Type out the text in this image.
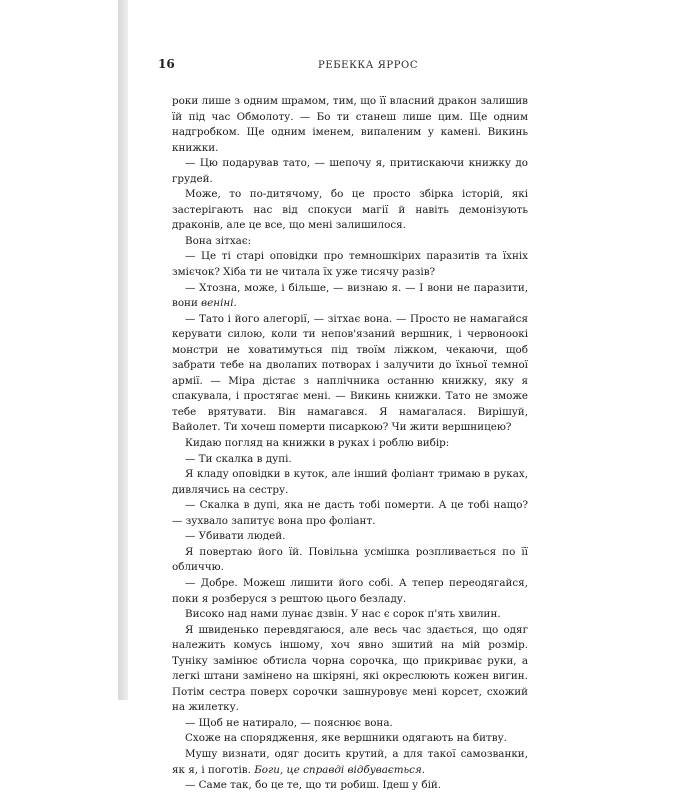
16	РЕБЕККА ЯРРОС

роки лише з одним шрамом, тим, що її власний дракон залишив їй під час Обмолоту. — Бо ти станеш лише цим. Ще одним надгробком. Ще одним іменем, випаленим у камені. Викинь книжки.

— Цю подарував тато, — шепочу я, притискаючи книжку до грудей.

Може, то по-дитячому, бо це просто збірка історій, які застерігають нас від спокуси магії й навіть демонізують драконів, але це все, що мені залишилося.

Вона зітхає:

— Це ті старі оповідки про темношкірих паразитів та їхніх змієчок? Хіба ти не читала їх уже тисячу разів?

— Хтозна, може, і більше, — визнаю я. — І вони не паразити, вони венінi.

— Тато і його алегорії, — зітхає вона. — Просто не намагайся керувати силою, коли ти непов'язаний вершник, і червоноокі монстри не ховатимуться під твоїм ліжком, чекаючи, щоб забрати тебе на дволапих потворах і залучити до їхньої темної армії. — Міра дістає з наплічника останню книжку, яку я спакувала, і простягає мені. — Викинь книжки. Тато не зможе тебе врятувати. Він намагався. Я намагалася. Вирішуй, Вайолет. Ти хочеш померти писаркою? Чи жити вершницею?

Кидаю погляд на книжки в руках і роблю вибір:

— Ти скалка в дупі.

Я кладу оповідки в куток, але інший фоліант тримаю в руках, дивлячись на сестру.

— Скалка в дупі, яка не дасть тобі померти. А це тобі нащо? — зухвало запитує вона про фоліант.

— Убивати людей.

Я повертаю його їй. Повільна усмішка розпливається по її обличчю.

— Добре. Можеш лишити його собі. А тепер переодягайся, поки я розберуся з рештою цього безладу.

Високо над нами лунає дзвін. У нас є сорок п'ять хвилин.

Я швиденько перевдягаюся, але весь час здається, що одяг належить комусь іншому, хоч явно зшитий на мій розмір. Туніку замінює обтисла чорна сорочка, що прикриває руки, а легкі штани замінено на шкіряні, які окреслюють кожен вигин. Потім сестра поверх сорочки зашнуровує мені корсет, схожий на жилетку.

— Щоб не натирало, — пояснює вона.

Схоже на спорядження, яке вершники одягають на битву.

Мушу визнати, одяг досить крутий, а для такої самозванки, як я, і поготів. Боги, це справді відбувається.

— Саме так, бо це те, що ти робиш. Ідеш у бій.
